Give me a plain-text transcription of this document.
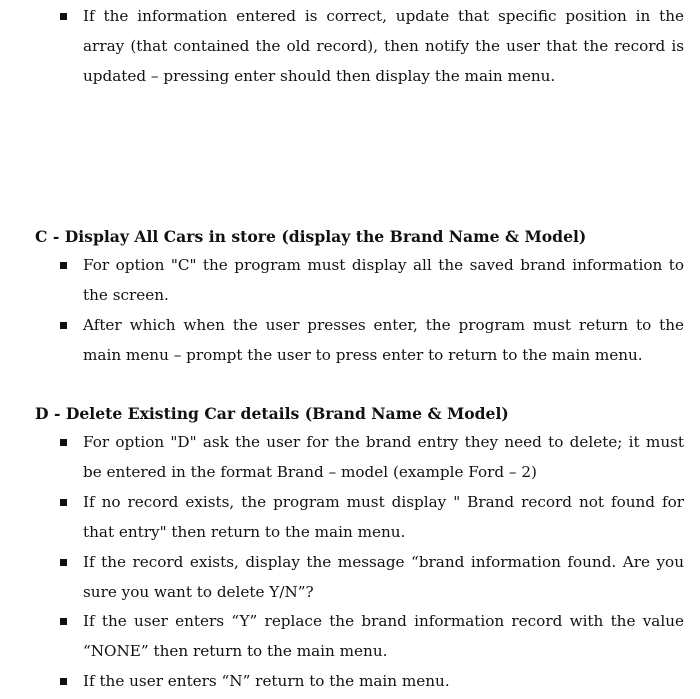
If the information entered is correct, update that specific position in the array (that contained the old record), then notify the user that the record is updated – pressing enter should then display the main menu.

C - Display All Cars in store (display the Brand Name & Model)

For option "C" the program must display all the saved brand information to the screen.

After which when the user presses enter, the program must return to the main menu – prompt the user to press enter to return to the main menu.

D - Delete Existing Car details (Brand Name & Model)

For option "D" ask the user for the brand entry they need to delete; it must be entered in the format Brand – model (example Ford – 2)

If no record exists, the program must display " Brand record not found for that entry" then return to the main menu.

If the record exists, display the message “brand information found. Are you sure you want to delete Y/N”?

If the user enters “Y” replace the brand information record with the value “NONE” then return to the main menu.

If the user enters “N” return to the main menu.
